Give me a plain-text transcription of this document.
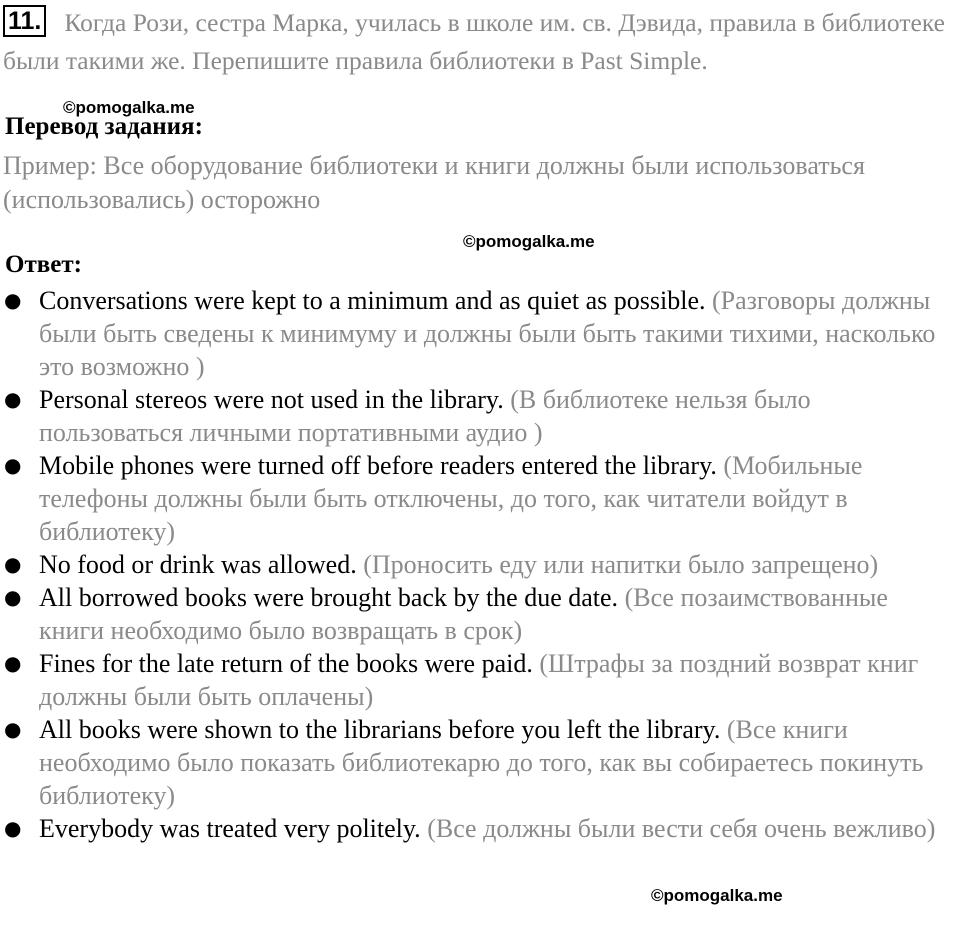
11. Когда Рози, сестра Марка, училась в школе им. св. Дэвида, правила в библиотеке были такими же. Перепишите правила библиотеки в Past Simple.
©pomogalka.me
Перевод задания:
Пример: Все оборудование библиотеки и книги должны были использоваться (использовались) осторожно
©pomogalka.me
Ответ:
● Conversations were kept to a minimum and as quiet as possible. (Разговоры должны были быть сведены к минимуму и должны были быть такими тихими, насколько это возможно )
● Personal stereos were not used in the library. (В библиотеке нельзя было пользоваться личными портативными аудио )
● Mobile phones were turned off before readers entered the library. (Мобильные телефоны должны были быть отключены, до того, как читатели войдут в библиотеку)
● No food or drink was allowed. (Проносить еду или напитки было запрещено)
● All borrowed books were brought back by the due date. (Все позаимствованные книги необходимо было возвращать в срок)
● Fines for the late return of the books were paid. (Штрафы за поздний возврат книг должны были быть оплачены)
● All books were shown to the librarians before you left the library. (Все книги необходимо было показать библиотекарю до того, как вы собираетесь покинуть библиотеку)
● Everybody was treated very politely. (Все должны были вести себя очень вежливо)
©pomogalka.me
